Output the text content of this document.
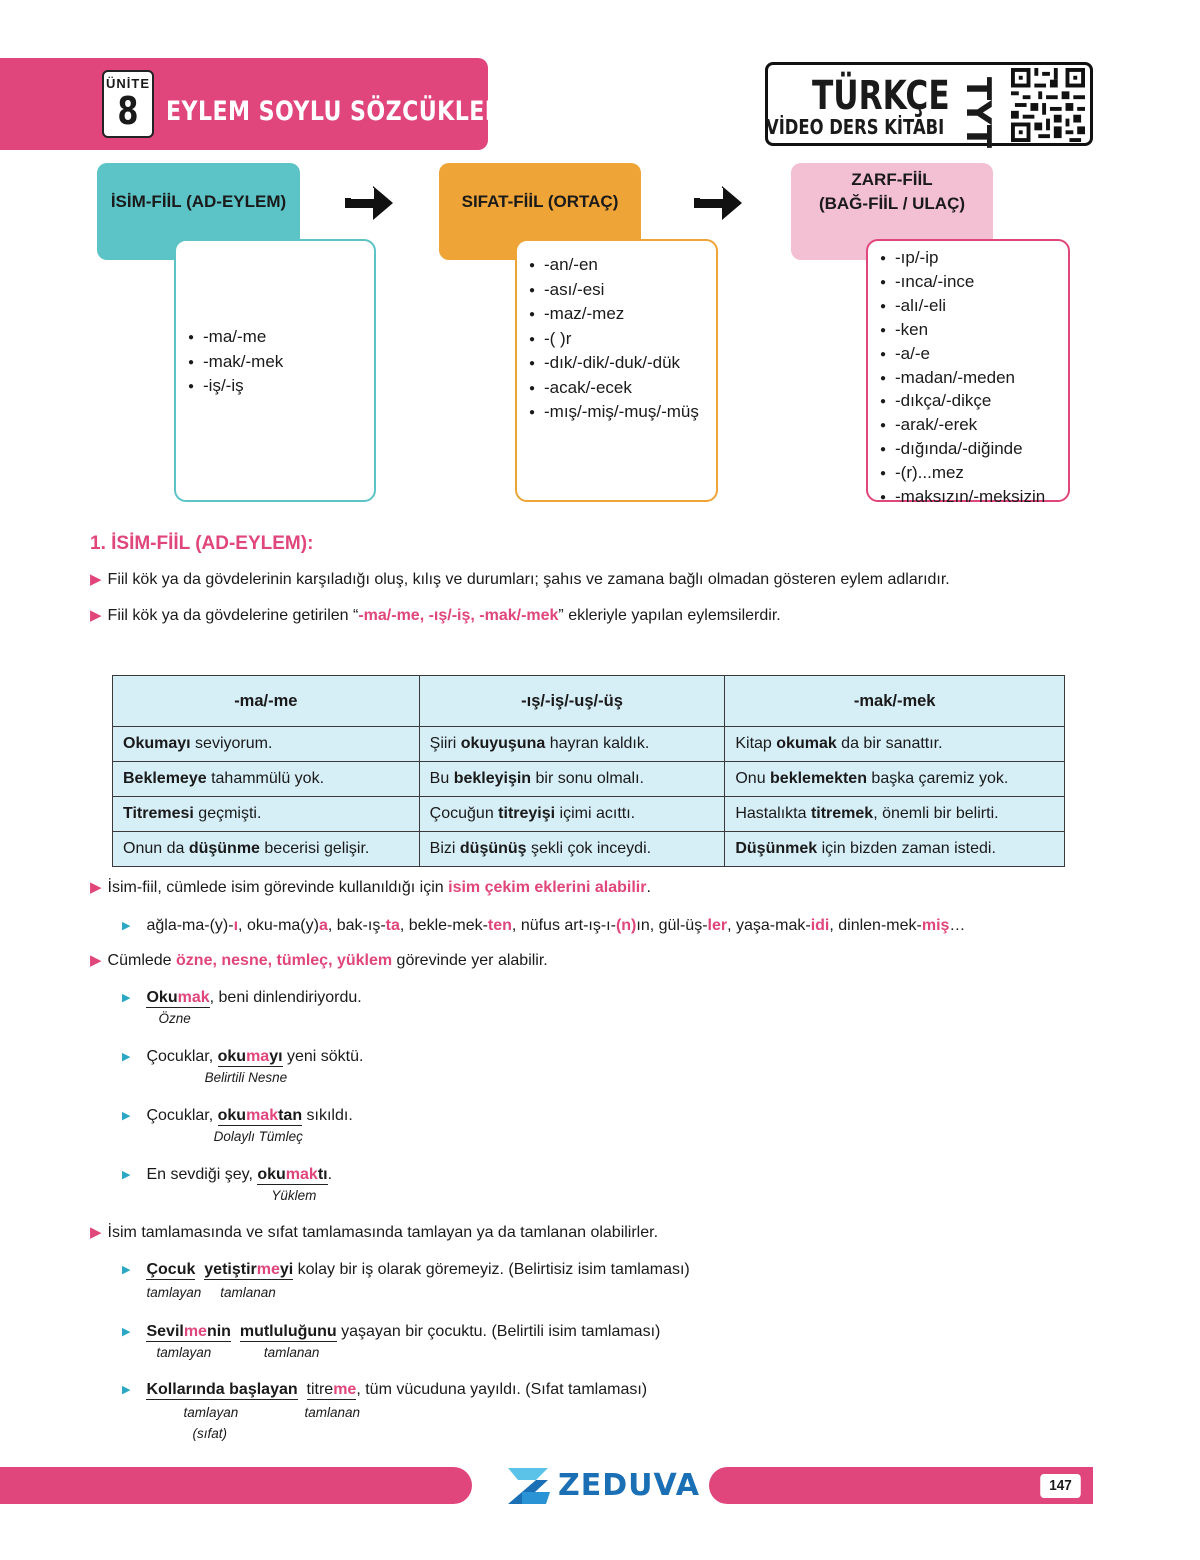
ÜNİTE
8	EYLEM SOYLU SÖZCÜKLER	TÜRKÇE
VİDEO DERS KİTABI TYT
İSİM-FİİL (AD-EYLEM)
● -ma/-me
● -mak/-mek
● -iş/-iş
SIFAT-FİİL (ORTAÇ)
● -an/-en
● -ası/-esi
● -maz/-mez
● -( )r
● -dık/-dik/-duk/-dük
● -acak/-ecek
● -mış/-miş/-muş/-müş
ZARF-FİİL
(BAĞ-FİİL / ULAÇ)
● -ıp/-ip
● -ınca/-ince
● -alı/-eli
● -ken
● -a/-e
● -madan/-meden
● -dıkça/-dikçe
● -arak/-erek
● -dığında/-diğinde
● -(r)...mez
● -maksızın/-meksizin
1. İSİM-FİİL (AD-EYLEM):
▶ Fiil kök ya da gövdelerinin karşıladığı oluş, kılış ve durumları; şahıs ve zamana bağlı olmadan gösteren eylem adlarıdır.
▶ Fiil kök ya da gövdelerine getirilen “-ma/-me, -ış/-iş, -mak/-mek” ekleriyle yapılan eylemsilerdir.
-ma/-me	-ış/-iş/-uş/-üş	-mak/-mek
Okumayı seviyorum.	Şiiri okuyuşuna hayran kaldık.	Kitap okumak da bir sanattır.
Beklemeye tahammülü yok.	Bu bekleyişin bir sonu olmalı.	Onu beklemekten başka çaremiz yok.
Titremesi geçmişti.	Çocuğun titreyişi içimi acıttı.	Hastalıkta titremek, önemli bir belirti.
Onun da düşünme becerisi gelişir.	Bizi düşünüş şekli çok inceydi.	Düşünmek için bizden zaman istedi.
▶ İsim-fiil, cümlede isim görevinde kullanıldığı için isim çekim eklerini alabilir.
▶ ağla-ma-(y)-ı, oku-ma(y)a, bak-ış-ta, bekle-mek-ten, nüfus art-ış-ı-(n)ın, gül-üş-ler, yaşa-mak-idi, dinlen-mek-miş…
▶ Cümlede özne, nesne, tümleç, yüklem görevinde yer alabilir.
▶ Okumak
Özne
, beni dinlendiriyordu.
▶ Çocuklar, okumayı
Belirtili Nesne
yeni söktü.
▶ Çocuklar, okumaktan
Dolaylı Tümleç
sıkıldı.
▶ En sevdiği şey, okumaktı
Yüklem
.
▶ İsim tamlamasında ve sıfat tamlamasında tamlayan ya da tamlanan olabilirler.
▶ Çocuk
tamlayan
yetiştirmeyi
tamlanan
kolay bir iş olarak göremeyiz. (Belirtisiz isim tamlaması)
▶ Sevilmenin
tamlayan
mutluluğunu
tamlanan
yaşayan bir çocuktu. (Belirtili isim tamlaması)
▶ Kollarında başlayan
tamlayan
(sıfat)
titreme
tamlanan
, tüm vücuduna yayıldı. (Sıfat tamlaması)
147
ZEDUVA
